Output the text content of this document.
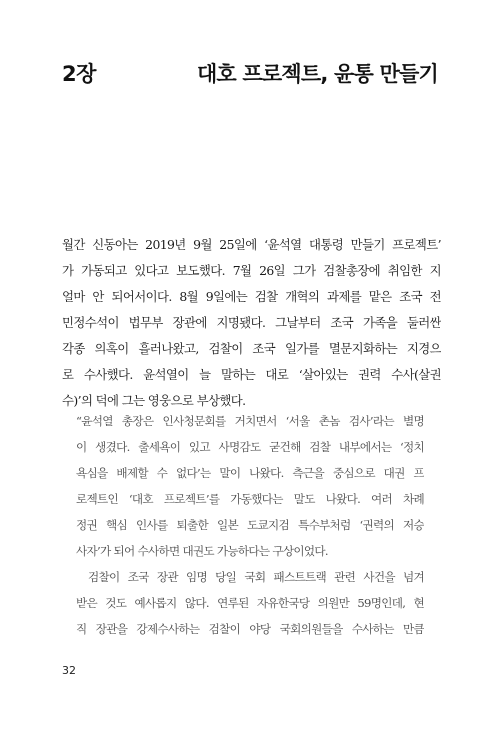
2장	대호 프로젝트, 윤통 만들기
월간 신동아는 2019년 9월 25일에 ‘윤석열 대통령 만들기 프로젝트’
가 가동되고 있다고 보도했다. 7월 26일 그가 검찰총장에 취임한 지
얼마 안 되어서이다. 8월 9일에는 검찰 개혁의 과제를 맡은 조국 전
민정수석이 법무부 장관에 지명됐다. 그날부터 조국 가족을 둘러싼
각종 의혹이 흘러나왔고, 검찰이 조국 일가를 멸문지화하는 지경으
로 수사했다. 윤석열이 늘 말하는 대로 ‘살아있는 권력 수사(살권
수)’의 덕에 그는 영웅으로 부상했다.
“윤석열 총장은 인사청문회를 거치면서 ‘서울 촌놈 검사’라는 별명
이 생겼다. 출세욕이 있고 사명감도 굳건해 검찰 내부에서는 ‘정치
욕심을 배제할 수 없다’는 말이 나왔다. 측근을 중심으로 대권 프
로젝트인 ‘대호 프로젝트’를 가동했다는 말도 나왔다. 여러 차례
정권 핵심 인사를 퇴출한 일본 도쿄지검 특수부처럼 ‘권력의 저승
사자’가 되어 수사하면 대권도 가능하다는 구상이었다.
검찰이 조국 장관 임명 당일 국회 패스트트랙 관련 사건을 넘겨
받은 것도 예사롭지 않다. 연루된 자유한국당 의원만 59명인데, 현
직 장관을 강제수사하는 검찰이 야당 국회의원들을 수사하는 만큼
32
